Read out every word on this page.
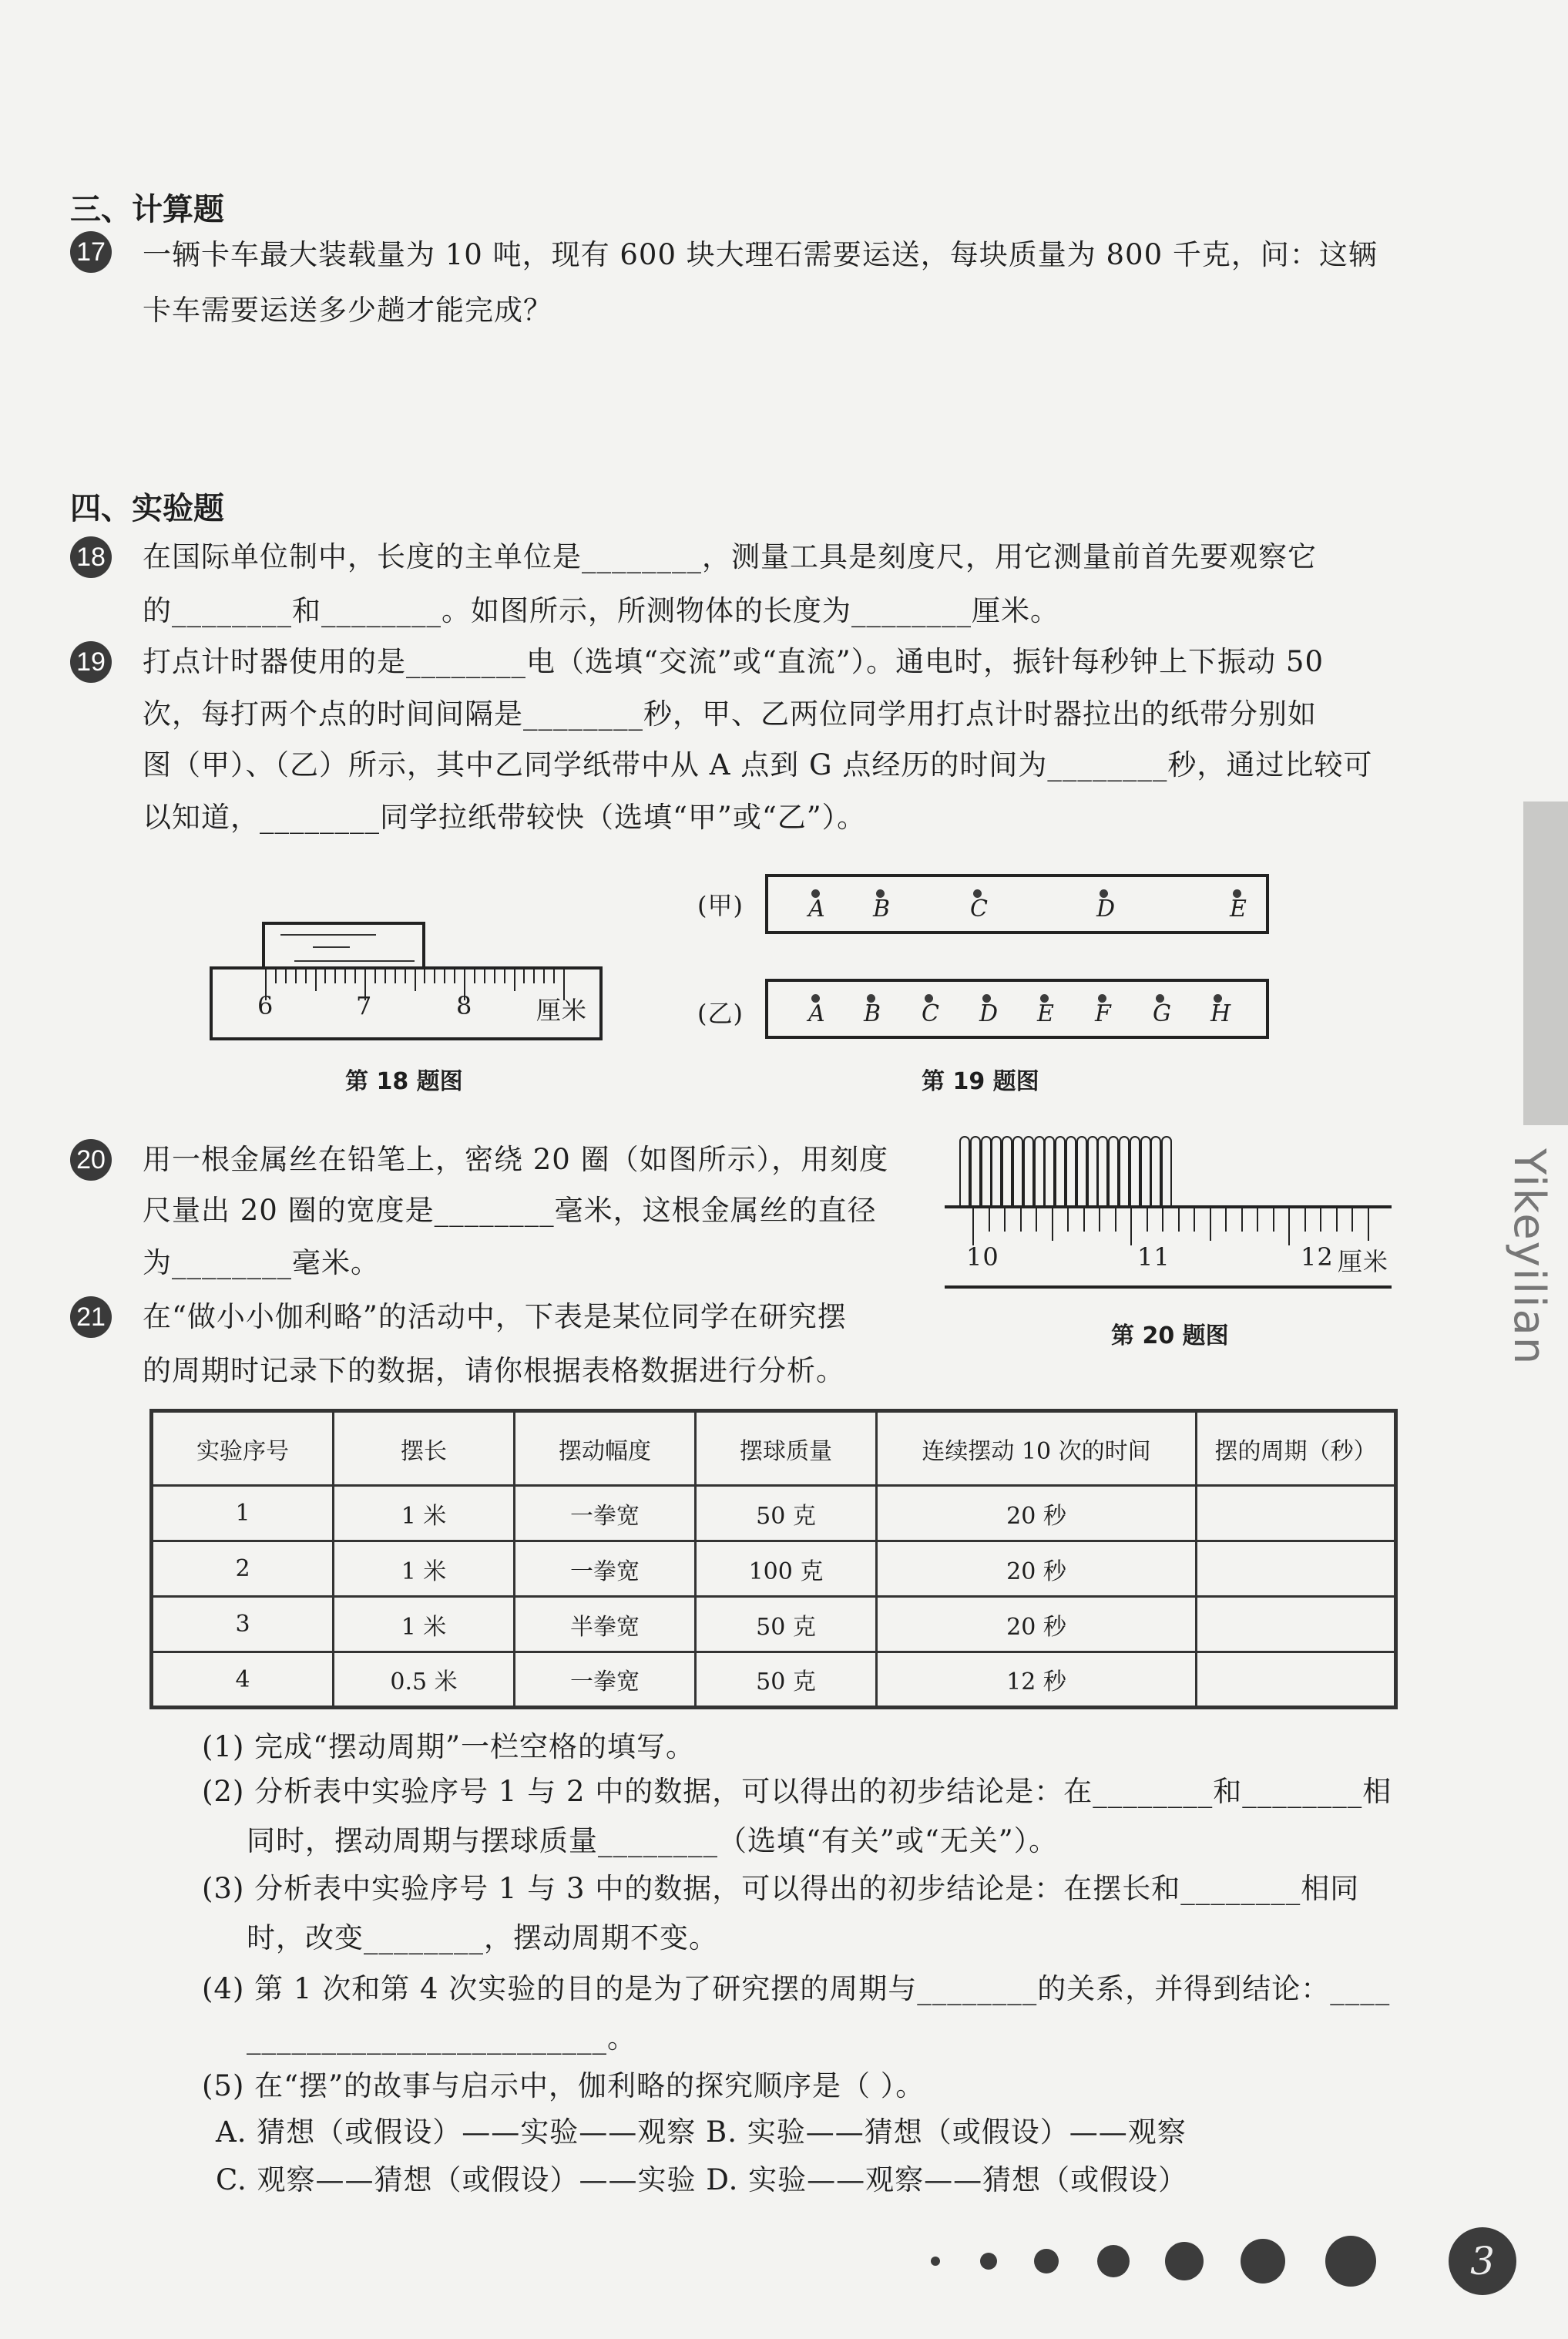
三、计算题
17 一辆卡车最大装载量为 10 吨，现有 600 块大理石需要运送，每块质量为 800 千克，问：这辆
卡车需要运送多少趟才能完成？
四、实验题
18 在国际单位制中，长度的主单位是________，测量工具是刻度尺，用它测量前首先要观察它
的________和________。如图所示，所测物体的长度为________厘米。
19 打点计时器使用的是________电（选填“交流”或“直流”）。通电时，振针每秒钟上下振动 50
次，每打两个点的时间间隔是________秒，甲、乙两位同学用打点计时器拉出的纸带分别如
图（甲）、（乙）所示，其中乙同学纸带中从 A 点到 G 点经历的时间为________秒，通过比较可
以知道，________同学拉纸带较快（选填“甲”或“乙”）。
6	7	8	厘米
第 18 题图
(甲)	A B	C	D	E
(乙)	A B C D E F G H
第 19 题图
20 用一根金属丝在铅笔上，密绕 20 圈（如图所示），用刻度
尺量出 20 圈的宽度是________毫米，这根金属丝的直径
为________毫米。	10	11	12 厘米
第 20 题图
21 在“做小小伽利略”的活动中，下表是某位同学在研究摆
的周期时记录下的数据，请你根据表格数据进行分析。
实验序号	摆长	摆动幅度	摆球质量	连续摆动 10 次的时间	摆的周期（秒）
1	1 米	一拳宽	50 克	20 秒	
2	1 米	一拳宽	100 克	20 秒	
3	1 米	半拳宽	50 克	20 秒	
4	0.5 米	一拳宽	50 克	12 秒	
(1) 完成“摆动周期”一栏空格的填写。
(2) 分析表中实验序号 1 与 2 中的数据，可以得出的初步结论是：在________和________相
同时，摆动周期与摆球质量________（选填“有关”或“无关”）。
(3) 分析表中实验序号 1 与 3 中的数据，可以得出的初步结论是：在摆长和________相同
时，改变________，摆动周期不变。
(4) 第 1 次和第 4 次实验的目的是为了研究摆的周期与________的关系，并得到结论：____
________________________。
(5) 在“摆”的故事与启示中，伽利略的探究顺序是（ ）。
A. 猜想（或假设）——实验——观察 B. 实验——猜想（或假设）——观察
C. 观察——猜想（或假设）——实验 D. 实验——观察——猜想（或假设）
3
Yikeyilian
